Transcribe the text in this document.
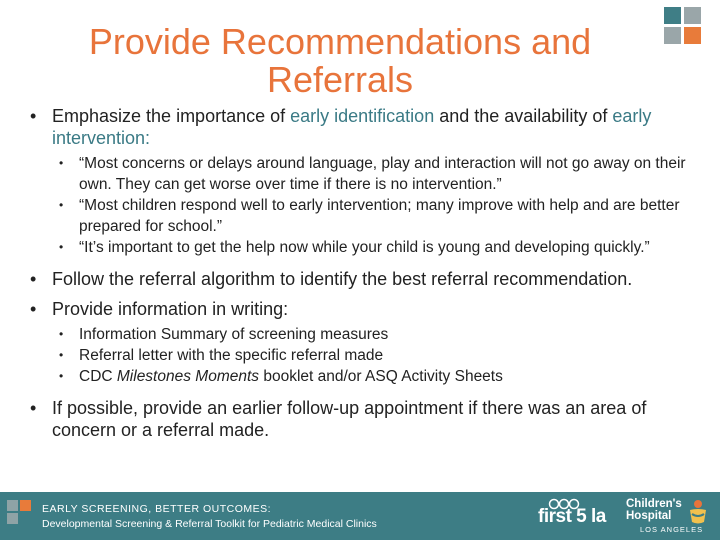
Provide Recommendations and Referrals
• Emphasize the importance of early identification and the availability of early intervention:
• “Most concerns or delays around language, play and interaction will not go away on their own. They can get worse over time if there is no intervention.”
• “Most children respond well to early intervention; many improve with help and are better prepared for school.”
• “It’s important to get the help now while your child is young and developing quickly.”
• Follow the referral algorithm to identify the best referral recommendation.
• Provide information in writing:
• Information Summary of screening measures
• Referral letter with the specific referral made
• CDC Milestones Moments booklet and/or ASQ Activity Sheets
• If possible, provide an earlier follow-up appointment if there was an area of concern or a referral made.
EARLY SCREENING, BETTER OUTCOMES:
Developmental Screening & Referral Toolkit for Pediatric Medical Clinics	first 5 la
Children's
Hospital
LOS ANGELES
